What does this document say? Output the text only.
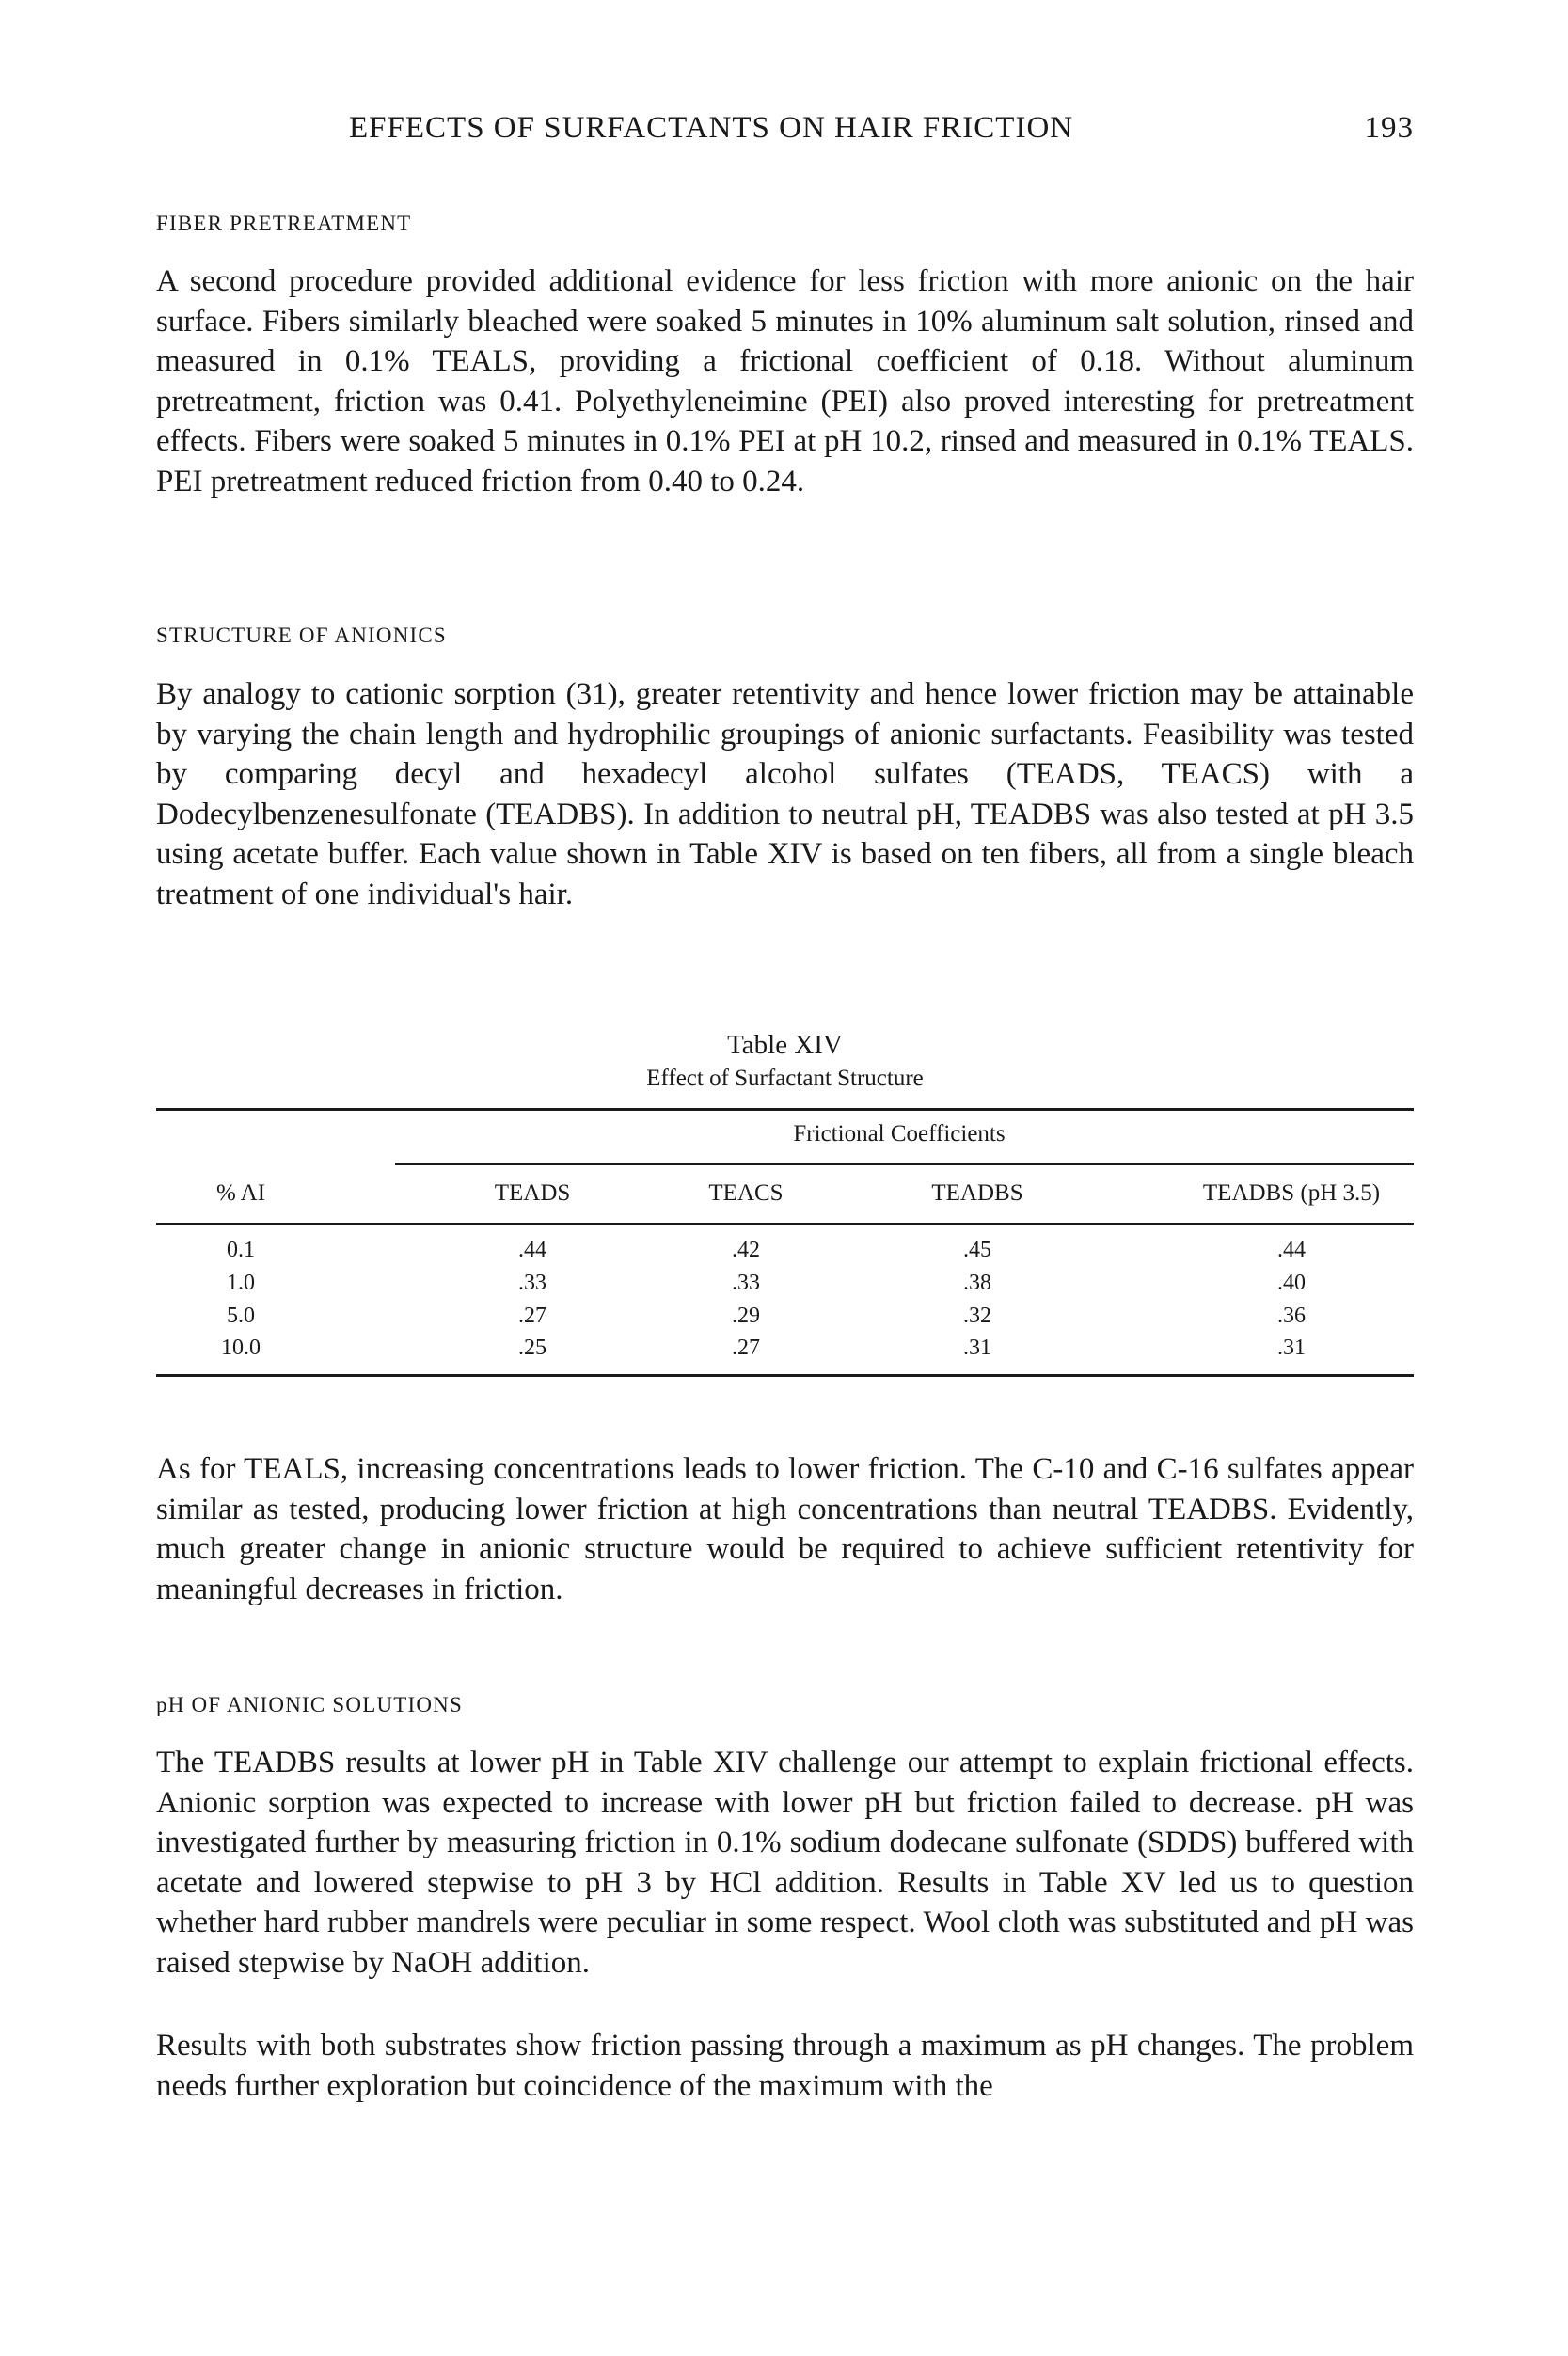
EFFECTS OF SURFACTANTS ON HAIR FRICTION	193
FIBER PRETREATMENT

A second procedure provided additional evidence for less friction with more anionic on the hair surface. Fibers similarly bleached were soaked 5 minutes in 10% aluminum salt solution, rinsed and measured in 0.1% TEALS, providing a frictional coefficient of 0.18. Without aluminum pretreatment, friction was 0.41. Polyethyleneimine (PEI) also proved interesting for pretreatment effects. Fibers were soaked 5 minutes in 0.1% PEI at pH 10.2, rinsed and measured in 0.1% TEALS. PEI pretreatment reduced friction from 0.40 to 0.24.

STRUCTURE OF ANIONICS

By analogy to cationic sorption (31), greater retentivity and hence lower friction may be attainable by varying the chain length and hydrophilic groupings of anionic surfactants. Feasibility was tested by comparing decyl and hexadecyl alcohol sulfates (TEADS, TEACS) with a Dodecylbenzenesulfonate (TEADBS). In addition to neutral pH, TEADBS was also tested at pH 3.5 using acetate buffer. Each value shown in Table XIV is based on ten fibers, all from a single bleach treatment of one individual's hair.

Table XIV
Effect of Surfactant Structure
Frictional Coefficients
% AI	TEADS	TEACS	TEADBS	TEADBS (pH 3.5)
0.1	.44	.42	.45	.44
1.0	.33	.33	.38	.40
5.0	.27	.29	.32	.36
10.0	.25	.27	.31	.31

As for TEALS, increasing concentrations leads to lower friction. The C-10 and C-16 sulfates appear similar as tested, producing lower friction at high concentrations than neutral TEADBS. Evidently, much greater change in anionic structure would be required to achieve sufficient retentivity for meaningful decreases in friction.

pH OF ANIONIC SOLUTIONS

The TEADBS results at lower pH in Table XIV challenge our attempt to explain frictional effects. Anionic sorption was expected to increase with lower pH but friction failed to decrease. pH was investigated further by measuring friction in 0.1% sodium dodecane sulfonate (SDDS) buffered with acetate and lowered stepwise to pH 3 by HCl addition. Results in Table XV led us to question whether hard rubber mandrels were peculiar in some respect. Wool cloth was substituted and pH was raised stepwise by NaOH addition.

Results with both substrates show friction passing through a maximum as pH changes. The problem needs further exploration but coincidence of the maximum with the
